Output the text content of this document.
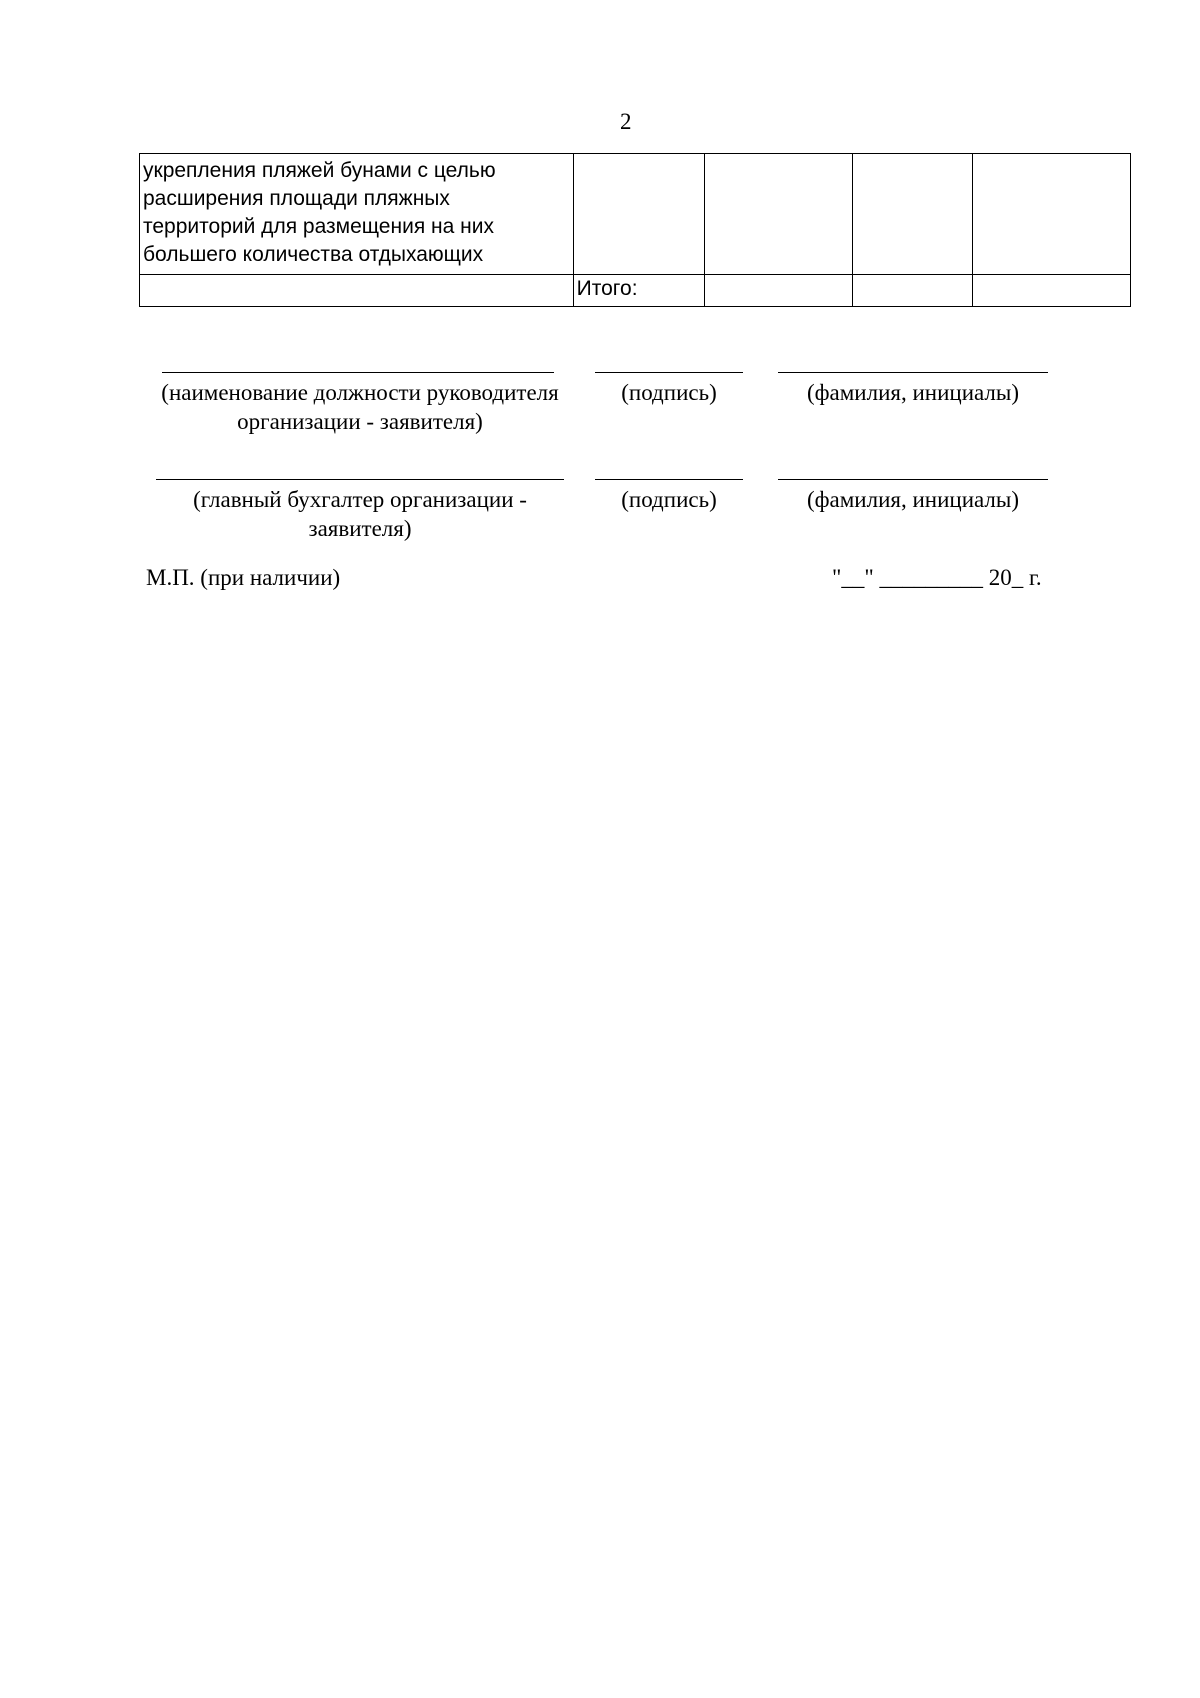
2
укрепления пляжей бунами с целью
расширения площади пляжных
территорий для размещения на них
большего количества отдыхающих				

	Итого:			
(наименование должности руководителя
организации - заявителя)
(подпись)	(фамилия, инициалы)
(главный бухгалтер организации -
заявителя)
(подпись)	(фамилия, инициалы)
М.П. (при наличии)	"__" _________ 20_ г.
